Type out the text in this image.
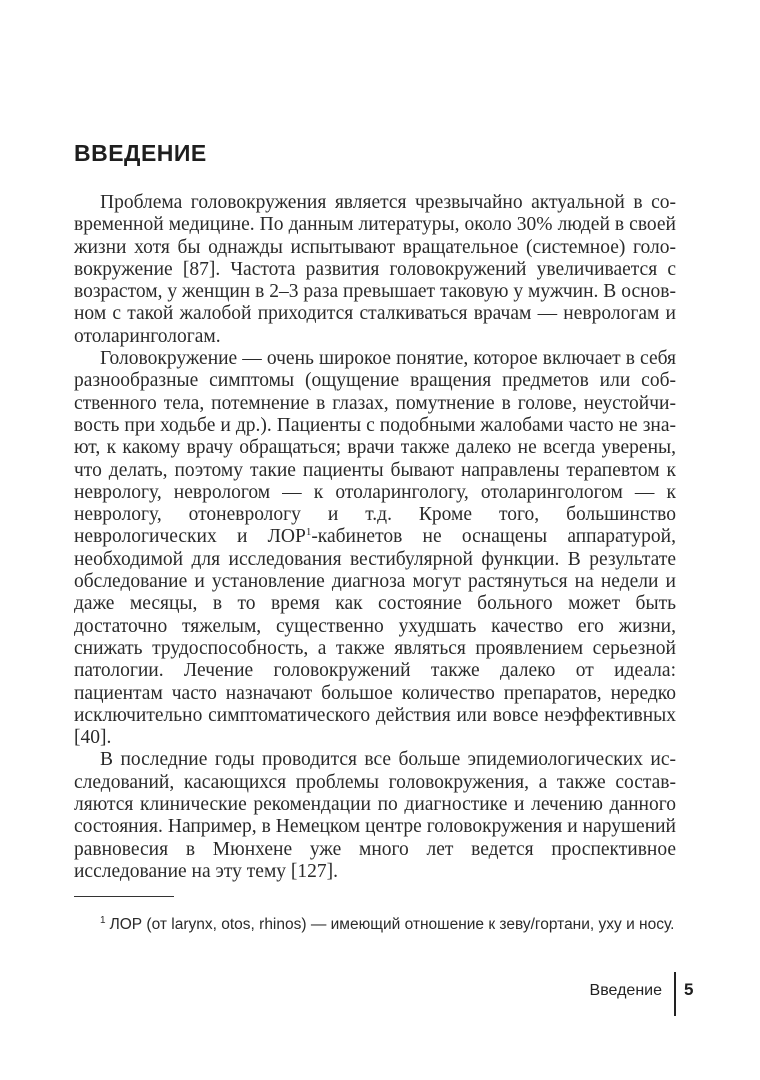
ВВЕДЕНИЕ

Проблема головокружения является чрезвычайно актуальной в современной медицине. По данным литературы, около 30% людей в своей жизни хотя бы однажды испытывают вращательное (системное) головокружение [87]. Частота развития головокружений увеличивается с возрастом, у женщин в 2–3 раза превышает таковую у мужчин. В основном с такой жалобой приходится сталкиваться врачам — неврологам и отоларингологам.

Головокружение — очень широкое понятие, которое включает в себя разнообразные симптомы (ощущение вращения предметов или собственного тела, потемнение в глазах, помутнение в голове, неустойчивость при ходьбе и др.). Пациенты с подобными жалобами часто не знают, к какому врачу обращаться; врачи также далеко не всегда уверены, что делать, поэтому такие пациенты бывают направлены терапевтом к неврологу, неврологом — к отоларингологу, отоларингологом — к неврологу, отоневрологу и т.д. Кроме того, большинство неврологических и ЛОР$^1$-кабинетов не оснащены аппаратурой, необходимой для исследования вестибулярной функции. В результате обследование и установление диагноза могут растянуться на недели и даже месяцы, в то время как состояние больного может быть достаточно тяжелым, существенно ухудшать качество его жизни, снижать трудоспособность, а также являться проявлением серьезной патологии. Лечение головокружений также далеко от идеала: пациентам часто назначают большое количество препаратов, нередко исключительно симптоматического действия или вовсе неэффективных [40].

В последние годы проводится все больше эпидемиологических исследований, касающихся проблемы головокружения, а также составляются клинические рекомендации по диагностике и лечению данного состояния. Например, в Немецком центре головокружения и нарушений равновесия в Мюнхене уже много лет ведется проспективное исследование на эту тему [127].

$^1$ ЛОР (от larynx, otos, rhinos) — имеющий отношение к зеву/гортани, уху и носу.

Введение 5
